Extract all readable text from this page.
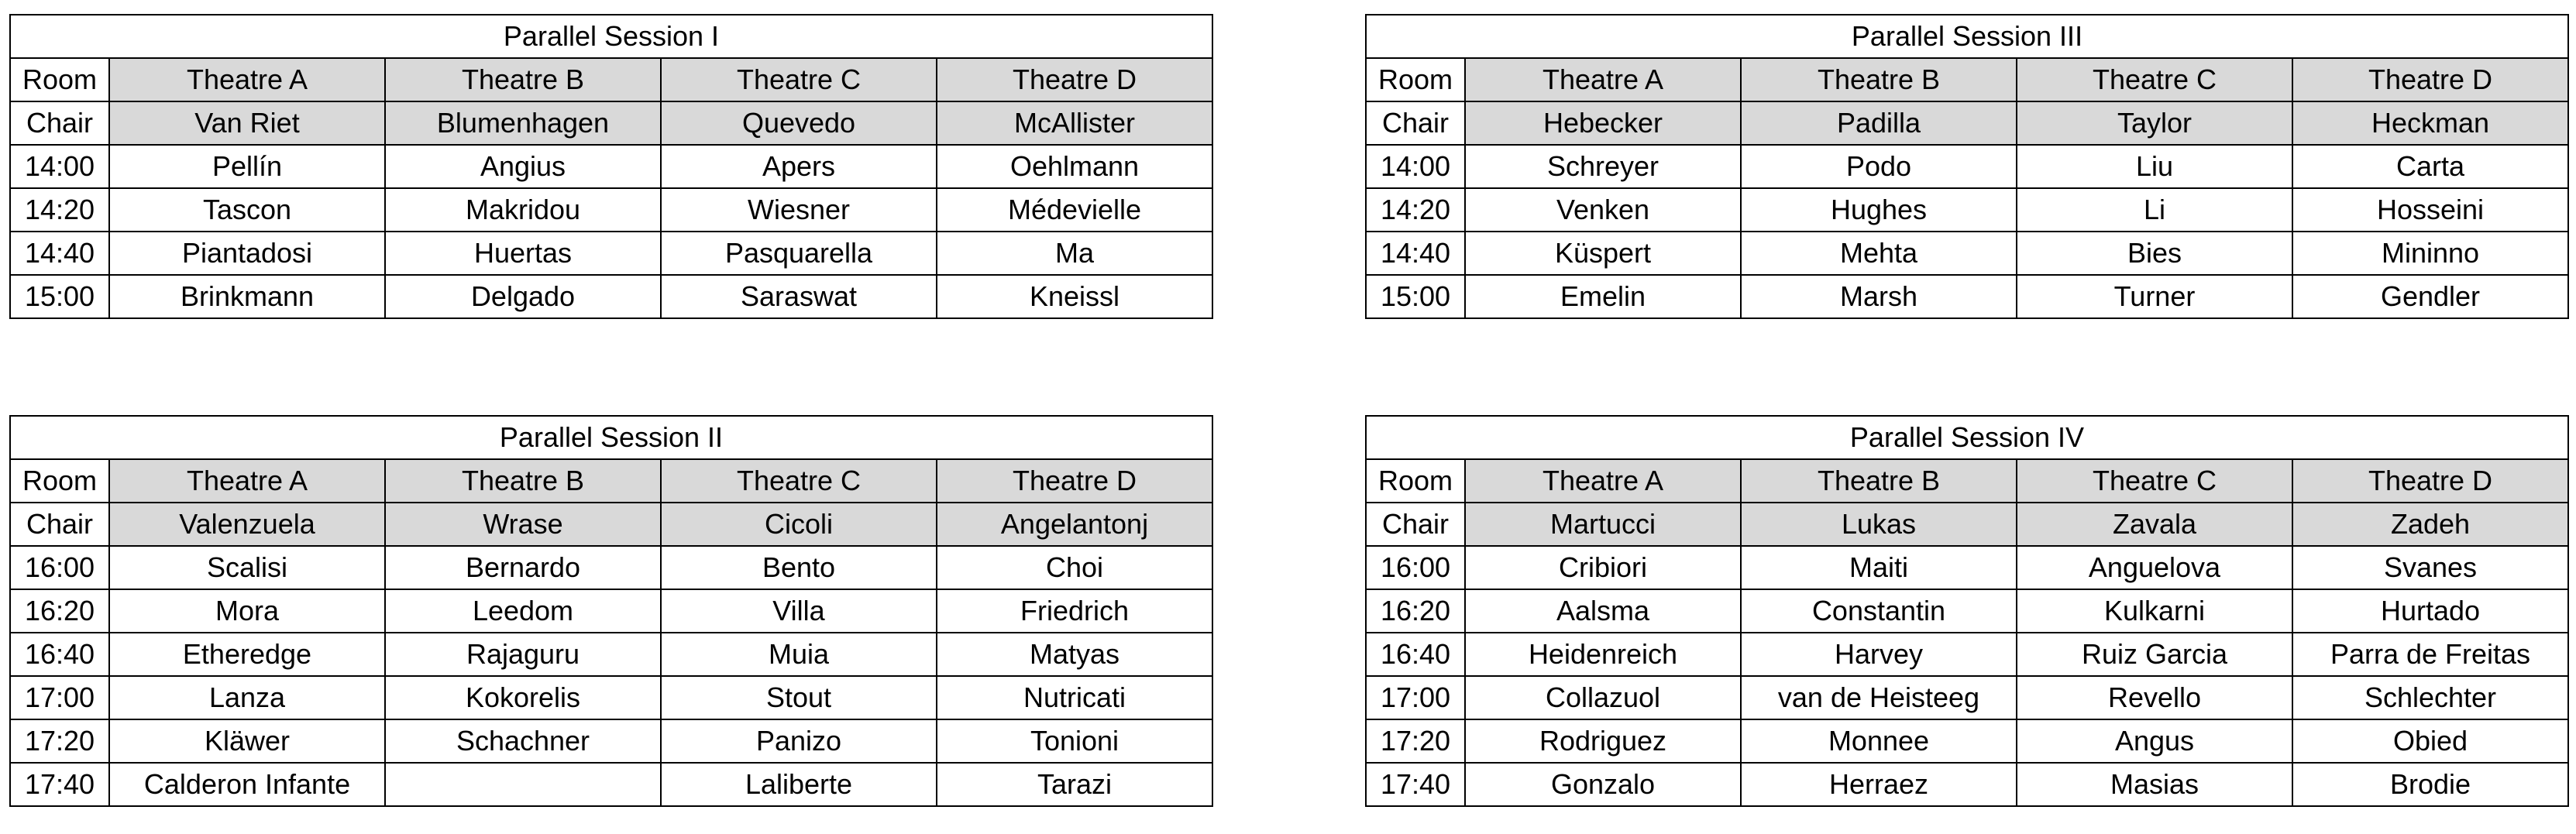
Parallel Session I				
Room	Theatre A	Theatre B	Theatre C	Theatre D
Chair	Van Riet	Blumenhagen	Quevedo	McAllister
14:00	Pellín	Angius	Apers	Oehlmann
14:20	Tascon	Makridou	Wiesner	Médevielle
14:40	Piantadosi	Huertas	Pasquarella	Ma
15:00	Brinkmann	Delgado	Saraswat	Kneissl
Parallel Session III				
Room	Theatre A	Theatre B	Theatre C	Theatre D
Chair	Hebecker	Padilla	Taylor	Heckman
14:00	Schreyer	Podo	Liu	Carta
14:20	Venken	Hughes	Li	Hosseini
14:40	Küspert	Mehta	Bies	Mininno
15:00	Emelin	Marsh	Turner	Gendler
Parallel Session II				
Room	Theatre A	Theatre B	Theatre C	Theatre D
Chair	Valenzuela	Wrase	Cicoli	Angelantonj
16:00	Scalisi	Bernardo	Bento	Choi
16:20	Mora	Leedom	Villa	Friedrich
16:40	Etheredge	Rajaguru	Muia	Matyas
17:00	Lanza	Kokorelis	Stout	Nutricati
17:20	Kläwer	Schachner	Panizo	Tonioni
17:40	Calderon Infante		Laliberte	Tarazi
Parallel Session IV				
Room	Theatre A	Theatre B	Theatre C	Theatre D
Chair	Martucci	Lukas	Zavala	Zadeh
16:00	Cribiori	Maiti	Anguelova	Svanes
16:20	Aalsma	Constantin	Kulkarni	Hurtado
16:40	Heidenreich	Harvey	Ruiz Garcia	Parra de Freitas
17:00	Collazuol	van de Heisteeg	Revello	Schlechter
17:20	Rodriguez	Monnee	Angus	Obied
17:40	Gonzalo	Herraez	Masias	Brodie
